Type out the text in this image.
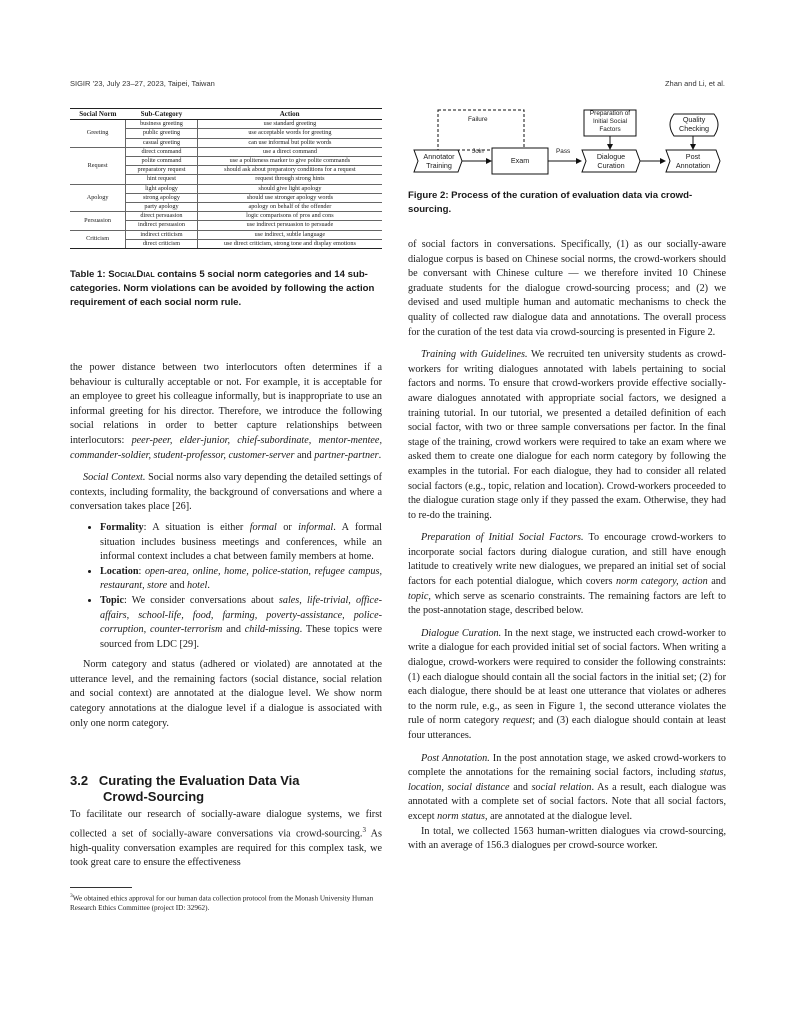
SIGIR ’23, July 23–27, 2023, Taipei, Taiwan	Zhan and Li, et al.
Social Norm	Sub-Category	Action
Greeting	business greeting	use standard greeting
	public greeting	use acceptable words for greeting
	casual greeting	can use informal but polite words
Request	direct command	use a direct command
	polite command	use a politeness marker to give polite commands
	preparatory request	should ask about preparatory conditions for a request
	hint request	request through strong hints
Apology	light apology	should give light apology
	strong apology	should use stronger apology words
	party apology	apology on behalf of the offender
Persuasion	direct persuasion	logic comparisons of pros and cons
	indirect persuasion	use indirect persuasion to persuade
Criticism	indirect criticism	use indirect, subtle language
	direct criticism	use direct criticism, strong tone and display emotions
Table 1: SocialDial contains 5 social norm categories and 14 sub-categories. Norm violations can be avoided by following the action requirement of each social norm rule.
Failure
Join	Pass
Annotator Training
Exam
Preparation of Initial Social Factors
Dialogue Curation
Post Annotation
Quality Checking
Figure 2: Process of the curation of evaluation data via crowd-sourcing.

the power distance between two interlocutors often determines if a behaviour is culturally acceptable or not. For example, it is acceptable for an employee to greet his colleague informally, but is inappropriate to use an informal greeting for his director. Therefore, we introduce the following social relations in order to better capture relationships between interlocutors: peer-peer, elder-junior, chief-subordinate, mentor-mentee, commander-soldier, student-professor, customer-server and partner-partner.

Social Context. Social norms also vary depending the detailed settings of contexts, including formality, the background of conversations and where a conversation takes place [26].

• Formality: A situation is either formal or informal. A formal situation includes business meetings and conferences, while an informal context includes a chat between family members at home.
• Location: open-area, online, home, police-station, refugee campus, restaurant, store and hotel.
• Topic: We consider conversations about sales, life-trivial, office-affairs, school-life, food, farming, poverty-assistance, police-corruption, counter-terrorism and child-missing. These topics were sourced from LDC [29].

Norm category and status (adhered or violated) are annotated at the utterance level, and the remaining factors (social distance, social relation and social context) are annotated at the dialogue level. We show norm category annotations at the dialogue level if a dialogue is associated with only one norm category.

3.2 Curating the Evaluation Data Via
Crowd-Sourcing

To facilitate our research of socially-aware dialogue systems, we first collected a set of socially-aware conversations via crowd-sourcing.$^3$ As high-quality conversation examples are required for this complex task, we took great care to ensure the effectiveness

$^3$We obtained ethics approval for our human data collection protocol from the Monash University Human Research Ethics Committee (project ID: 32962).

of social factors in conversations. Specifically, (1) as our socially-aware dialogue corpus is based on Chinese social norms, the crowd-workers should be conversant with Chinese culture — we therefore invited 10 Chinese graduate students for the dialogue crowd-sourcing process; and (2) we devised and used multiple human and automatic mechanisms to check the quality of collected raw dialogue data and annotations. The overall process for the curation of the test data via crowd-sourcing is presented in Figure 2.

Training with Guidelines. We recruited ten university students as crowd-workers for writing dialogues annotated with labels pertaining to social factors and norms. To ensure that crowd-workers provide effective socially-aware dialogues annotated with appropriate social factors, we designed a training tutorial. In our tutorial, we presented a detailed definition of each social factor, with two or three sample conversations per factor. In the final stage of the training, crowd workers were required to take an exam where we asked them to create one dialogue for each norm category by following the examples in the tutorial. For each dialogue, they had to consider all related social factors (e.g., topic, relation and location). Crowd-workers proceeded to the dialogue curation stage only if they passed the exam. Otherwise, they had to re-do the training.

Preparation of Initial Social Factors. To encourage crowd-workers to incorporate social factors during dialogue curation, and still have enough latitude to creatively write new dialogues, we prepared an initial set of social factors for each potential dialogue, which covers norm category, action and topic, which serve as scenario constraints. The remaining factors are left to the post-annotation stage, described below.

Dialogue Curation. In the next stage, we instructed each crowd-worker to write a dialogue for each provided initial set of social factors. When writing a dialogue, crowd-workers were required to consider the following constraints: (1) each dialogue should contain all the social factors in the initial set; (2) for each dialogue, there should be at least one utterance that violates or adheres to the norm rule, e.g., as seen in Figure 1, the second utterance violates the rule of norm category request; and (3) each dialogue should contain at least four utterances.

Post Annotation. In the post annotation stage, we asked crowd-workers to complete the annotations for the remaining social factors, including status, location, social distance and social relation. As a result, each dialogue was annotated with a complete set of social factors. Note that all social factors, except norm status, are annotated at the dialogue level.

In total, we collected 1563 human-written dialogues via crowd-sourcing, with an average of 156.3 dialogues per crowd-source worker.
